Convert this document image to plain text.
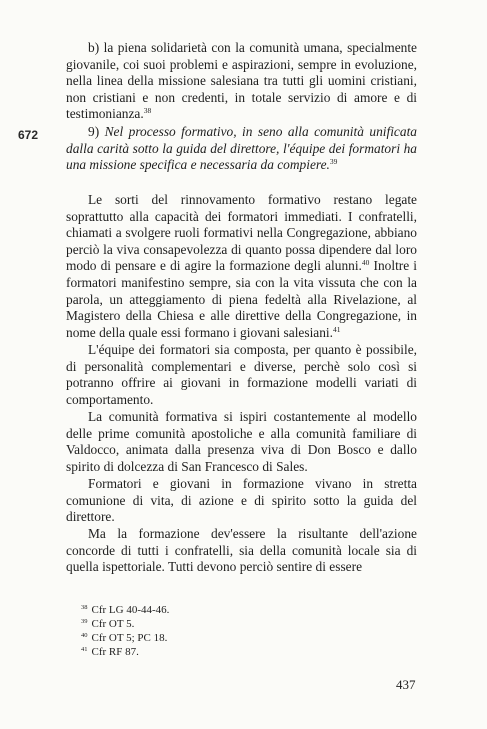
672

b) la piena solidarietà con la comunità umana, specialmente giovanile, coi suoi problemi e aspirazioni, sempre in evoluzione, nella linea della missione salesiana tra tutti gli uomini cristiani, non cristiani e non credenti, in totale servizio di amore e di testimonianza.$^{38}$

9) Nel processo formativo, in seno alla comunità unificata dalla carità sotto la guida del direttore, l'équipe dei formatori ha una missione specifica e necessaria da compiere.$^{39}$

Le sorti del rinnovamento formativo restano legate soprattutto alla capacità dei formatori immediati. I confratelli, chiamati a svolgere ruoli formativi nella Congregazione, abbiano perciò la viva consapevolezza di quanto possa dipendere dal loro modo di pensare e di agire la formazione degli alunni.$^{40}$ Inoltre i formatori manifestino sempre, sia con la vita vissuta che con la parola, un atteggiamento di piena fedeltà alla Rivelazione, al Magistero della Chiesa e alle direttive della Congregazione, in nome della quale essi formano i giovani salesiani.$^{41}$

L'équipe dei formatori sia composta, per quanto è possibile, di personalità complementari e diverse, perchè solo così si potranno offrire ai giovani in formazione modelli variati di comportamento.

La comunità formativa si ispiri costantemente al modello delle prime comunità apostoliche e alla comunità familiare di Valdocco, animata dalla presenza viva di Don Bosco e dallo spirito di dolcezza di San Francesco di Sales.

Formatori e giovani in formazione vivano in stretta comunione di vita, di azione e di spirito sotto la guida del direttore.

Ma la formazione dev'essere la risultante dell'azione concorde di tutti i confratelli, sia della comunità locale sia di quella ispettoriale. Tutti devono perciò sentire di essere

$^{38}$ Cfr LG 40-44-46.

$^{39}$ Cfr OT 5.

$^{40}$ Cfr OT 5; PC 18.

$^{41}$ Cfr RF 87.

437
